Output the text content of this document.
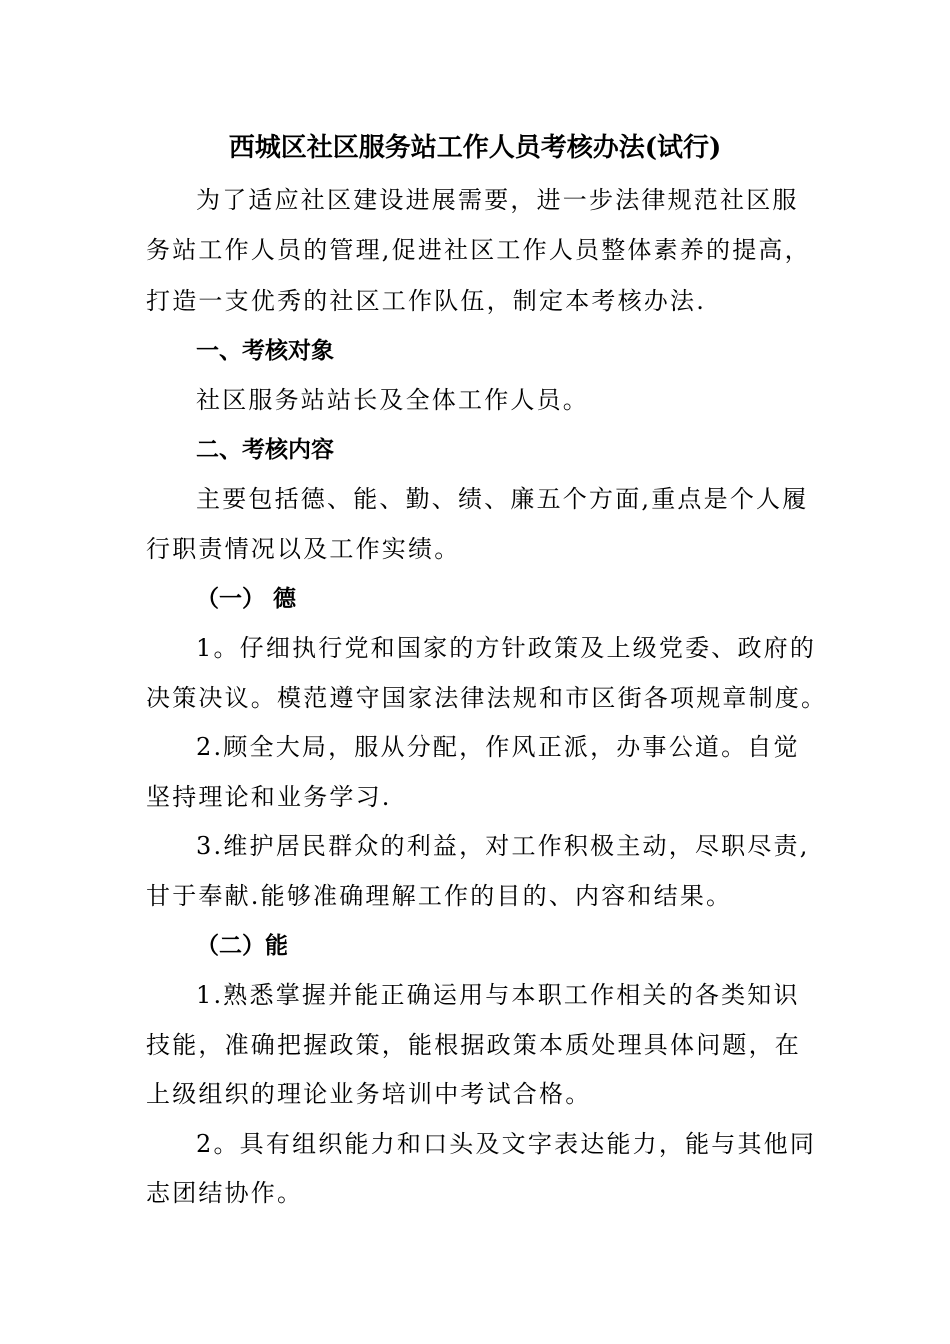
西城区社区服务站工作人员考核办法(试行)
为了适应社区建设进展需要，进一步法律规范社区服
务站工作人员的管理,促进社区工作人员整体素养的提高，
打造一支优秀的社区工作队伍，制定本考核办法.
一、考核对象
社区服务站站长及全体工作人员。
二、考核内容
主要包括德、能、勤、绩、廉五个方面,重点是个人履
行职责情况以及工作实绩。
（一） 德
1。仔细执行党和国家的方针政策及上级党委、政府的
决策决议。模范遵守国家法律法规和市区街各项规章制度。
2.顾全大局，服从分配，作风正派，办事公道。自觉
坚持理论和业务学习.
3.维护居民群众的利益，对工作积极主动，尽职尽责,
甘于奉献.能够准确理解工作的目的、内容和结果。
（二）能
1.熟悉掌握并能正确运用与本职工作相关的各类知识
技能，准确把握政策，能根据政策本质处理具体问题，在
上级组织的理论业务培训中考试合格。
2。具有组织能力和口头及文字表达能力，能与其他同
志团结协作。
